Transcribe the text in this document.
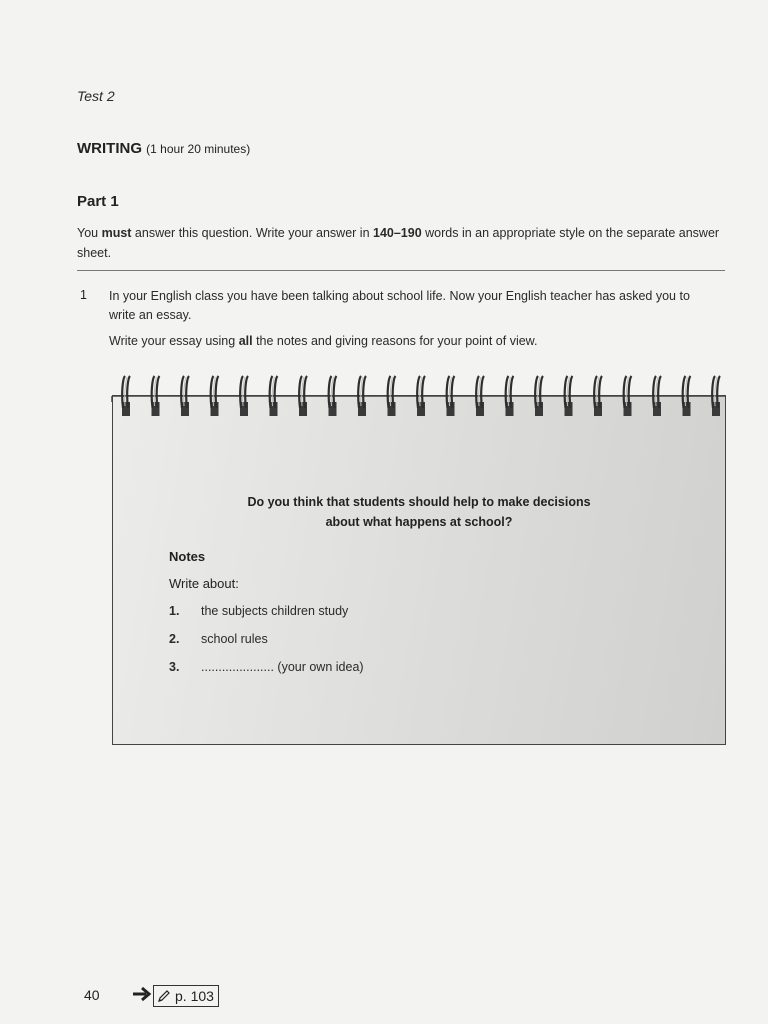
Test 2
WRITING (1 hour 20 minutes)
Part 1
You must answer this question. Write your answer in 140–190 words in an appropriate style on the separate answer sheet.
1 In your English class you have been talking about school life. Now your English teacher has asked you to write an essay.
Write your essay using all the notes and giving reasons for your point of view.
Do you think that students should help to make decisions
about what happens at school?
Notes
Write about:
1. the subjects children study
2. school rules
3. ..................... (your own idea)
40	p. 103
